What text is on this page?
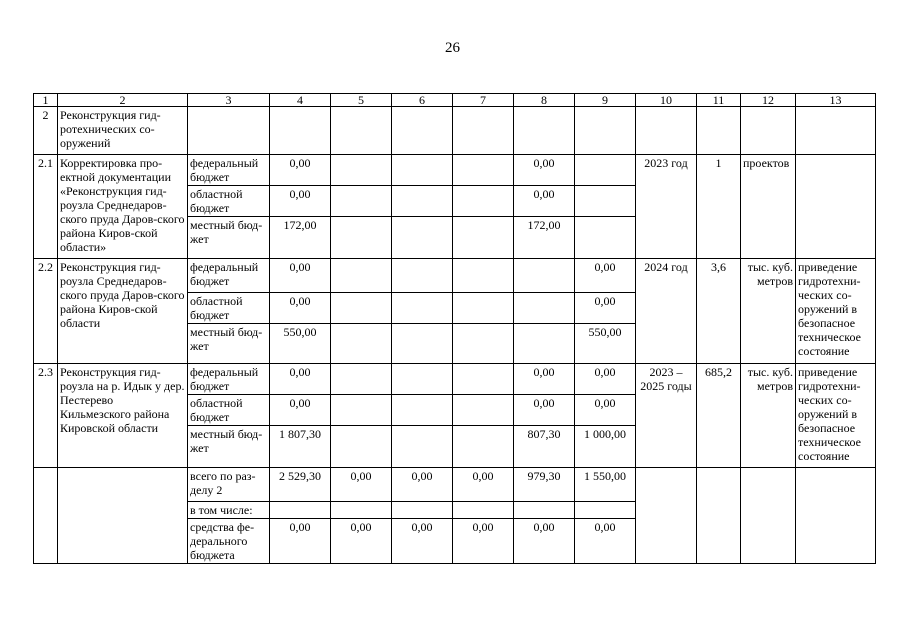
26
1	2	3	4	5	6	7	8	9	10	11	12	13
2	Реконструкция гид-ротехнических со-оружений											
2.1	Корректировка про-ектной документации «Реконструкция гид-роузла Среднедаров-ского пруда Даров-ского района Киров-ской области»	федеральный бюджет	0,00				0,00		2023 год	1	проектов	
		областной бюджет	0,00				0,00					
		местный бюд-жет	172,00				172,00					
2.2	Реконструкция гид-роузла Среднедаров-ского пруда Даров-ского района Киров-ской области	федеральный бюджет	0,00					0,00	2024 год	3,6	тыс. куб. метров	приведение гидротехни-ческих со-оружений в безопасное техническое состояние
		областной бюджет	0,00					0,00				
		местный бюд-жет	550,00					550,00				
2.3	Реконструкция гид-роузла на р. Идык у дер. Пестерево Кильмезского района Кировской области	федеральный бюджет	0,00				0,00	0,00	2023 – 2025 годы	685,2	тыс. куб. метров	приведение гидротехни-ческих со-оружений в безопасное техническое состояние
		областной бюджет	0,00				0,00	0,00				
		местный бюд-жет	1 807,30				807,30	1 000,00				
		всего по раз-делу 2	2 529,30	0,00	0,00	0,00	979,30	1 550,00				
		в том числе:										
		средства фе-дерального бюджета	0,00	0,00	0,00	0,00	0,00	0,00				
